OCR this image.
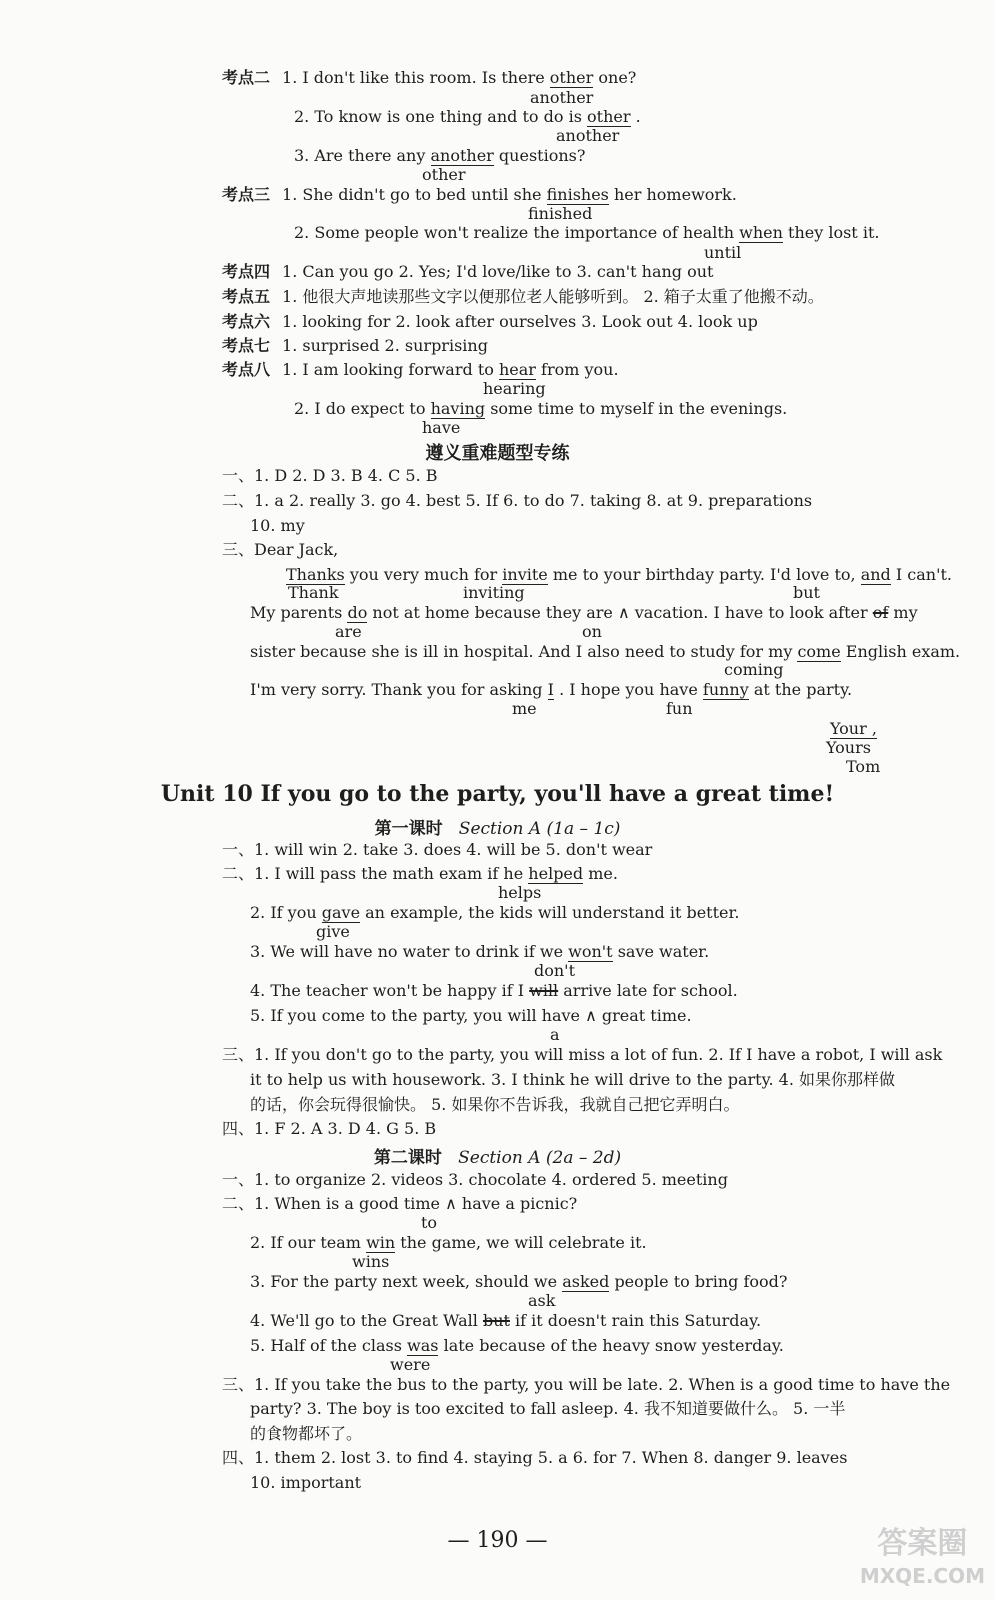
考点二 1. I don't like this room. Is there other one?
another
2. To know is one thing and to do is other .
another
3. Are there any another questions?
other
考点三 1. She didn't go to bed until she finishes her homework.
finished
2. Some people won't realize the importance of health when they lost it.
until
考点四 1. Can you go 2. Yes; I'd love/like to 3. can't hang out
考点五 1. 他很大声地读那些文字以便那位老人能够听到。 2. 箱子太重了他搬不动。
考点六 1. looking for 2. look after ourselves 3. Look out 4. look up
考点七 1. surprised 2. surprising
考点八 1. I am looking forward to hear from you.
hearing
2. I do expect to having some time to myself in the evenings.
have
遵义重难题型专练
一、1. D 2. D 3. B 4. C 5. B
二、1. a 2. really 3. go 4. best 5. If 6. to do 7. taking 8. at 9. preparations
10. my
三、Dear Jack,
Thanks you very much for invite me to your birthday party. I'd love to, and I can't.
Thank	inviting	but
My parents do not at home because they are ∧ vacation. I have to look after of my
are	on
sister because she is ill in hospital. And I also need to study for my come English exam.
coming
I'm very sorry. Thank you for asking I . I hope you have funny at the party.
me	fun
Your ,
Yours
Tom
Unit 10 If you go to the party, you'll have a great time!
第一课时 Section A (1a – 1c)
一、1. will win 2. take 3. does 4. will be 5. don't wear
二、1. I will pass the math exam if he helped me.
helps
2. If you gave an example, the kids will understand it better.
give
3. We will have no water to drink if we won't save water.
don't
4. The teacher won't be happy if I will arrive late for school.
5. If you come to the party, you will have ∧ great time.
a
三、1. If you don't go to the party, you will miss a lot of fun. 2. If I have a robot, I will ask
it to help us with housework. 3. I think he will drive to the party. 4. 如果你那样做
的话，你会玩得很愉快。 5. 如果你不告诉我，我就自己把它弄明白。
四、1. F 2. A 3. D 4. G 5. B
第二课时 Section A (2a – 2d)
一、1. to organize 2. videos 3. chocolate 4. ordered 5. meeting
二、1. When is a good time ∧ have a picnic?
to
2. If our team win the game, we will celebrate it.
wins
3. For the party next week, should we asked people to bring food?
ask
4. We'll go to the Great Wall but if it doesn't rain this Saturday.
5. Half of the class was late because of the heavy snow yesterday.
were
三、1. If you take the bus to the party, you will be late. 2. When is a good time to have the
party? 3. The boy is too excited to fall asleep. 4. 我不知道要做什么。 5. 一半
的食物都坏了。
四、1. them 2. lost 3. to find 4. staying 5. a 6. for 7. When 8. danger 9. leaves
10. important
— 190 —	答案圈
MXQE.COM
